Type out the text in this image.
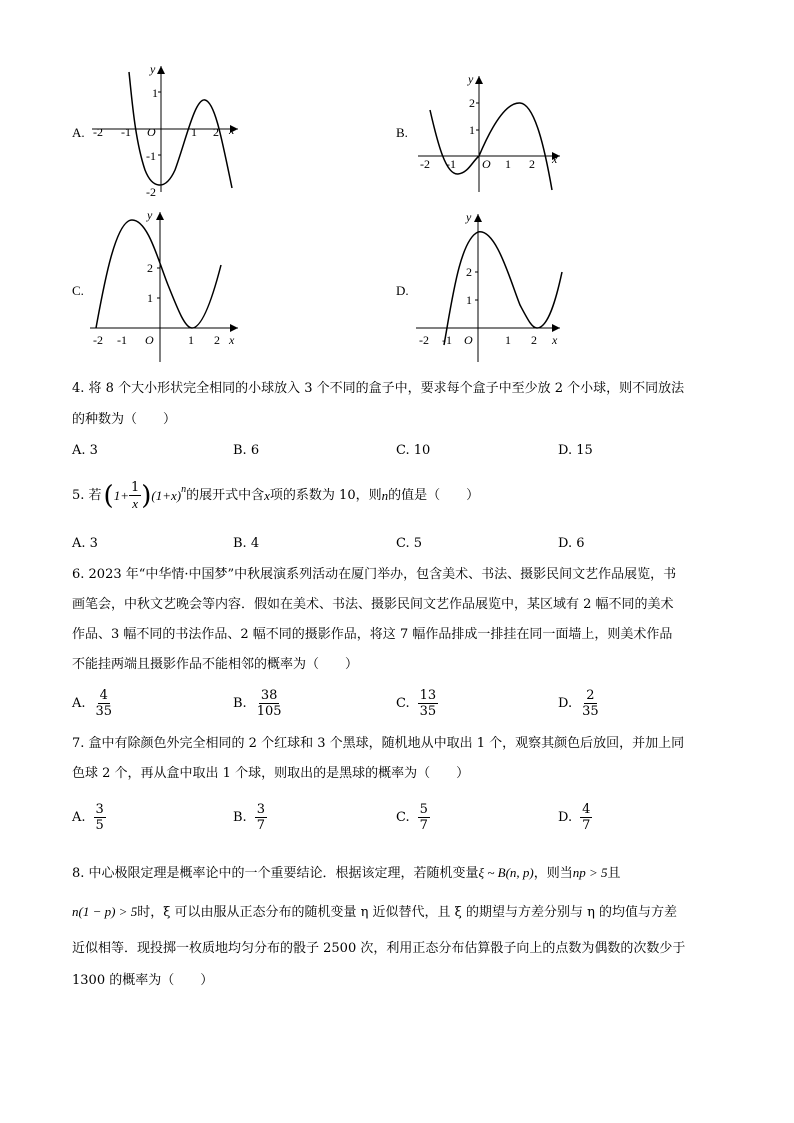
A. -2 -1	1 2
1
-1
-2
O	x
y
B.
-2 -1	1 2
2
1
O	x
y
C.
-2 -1	1 2
2
1
O	x
y
D.
-2 -1	1 2
2
1
O	x
y
4. 将 8 个大小形状完全相同的小球放入 3 个不同的盒子中，要求每个盒子中至少放 2 个小球，则不同放法
的种数为（　　）
A. 3	B. 6	C. 10	D. 15
5. 若 ( $1+ \frac{1}{x}$ ) $(1+x)^n$ 的展开式中含 x 项的系数为 10，则 n 的值是（　　）
A. 3	B. 4	C. 5	D. 6
6. 2023 年“中华情·中国梦”中秋展演系列活动在厦门举办，包含美术、书法、摄影民间文艺作品展览，书
画笔会，中秋文艺晚会等内容．假如在美术、书法、摄影民间文艺作品展览中，某区域有 2 幅不同的美术
作品、3 幅不同的书法作品、2 幅不同的摄影作品，将这 7 幅作品排成一排挂在同一面墙上，则美术作品
不能挂两端且摄影作品不能相邻的概率为（　　）
A. $\frac{4}{35}$	B. $\frac{38}{105}$	C. $\frac{13}{35}$	D. $\frac{2}{35}$
7. 盒中有除颜色外完全相同的 2 个红球和 3 个黑球，随机地从中取出 1 个，观察其颜色后放回，并加上同
色球 2 个，再从盒中取出 1 个球，则取出的是黑球的概率为（　　）
A. $\frac{3}{5}$	B. $\frac{3}{7}$	C. $\frac{5}{7}$	D. $\frac{4}{7}$
8. 中心极限定理是概率论中的一个重要结论．根据该定理，若随机变量ξ ~ B(n, p)，则当np > 5且
n(1 − p) > 5时，ξ 可以由服从正态分布的随机变量 η 近似替代，且 ξ 的期望与方差分别与 η 的均值与方差
近似相等．现投掷一枚质地均匀分布的骰子 2500 次，利用正态分布估算骰子向上的点数为偶数的次数少于
1300 的概率为（　　）
